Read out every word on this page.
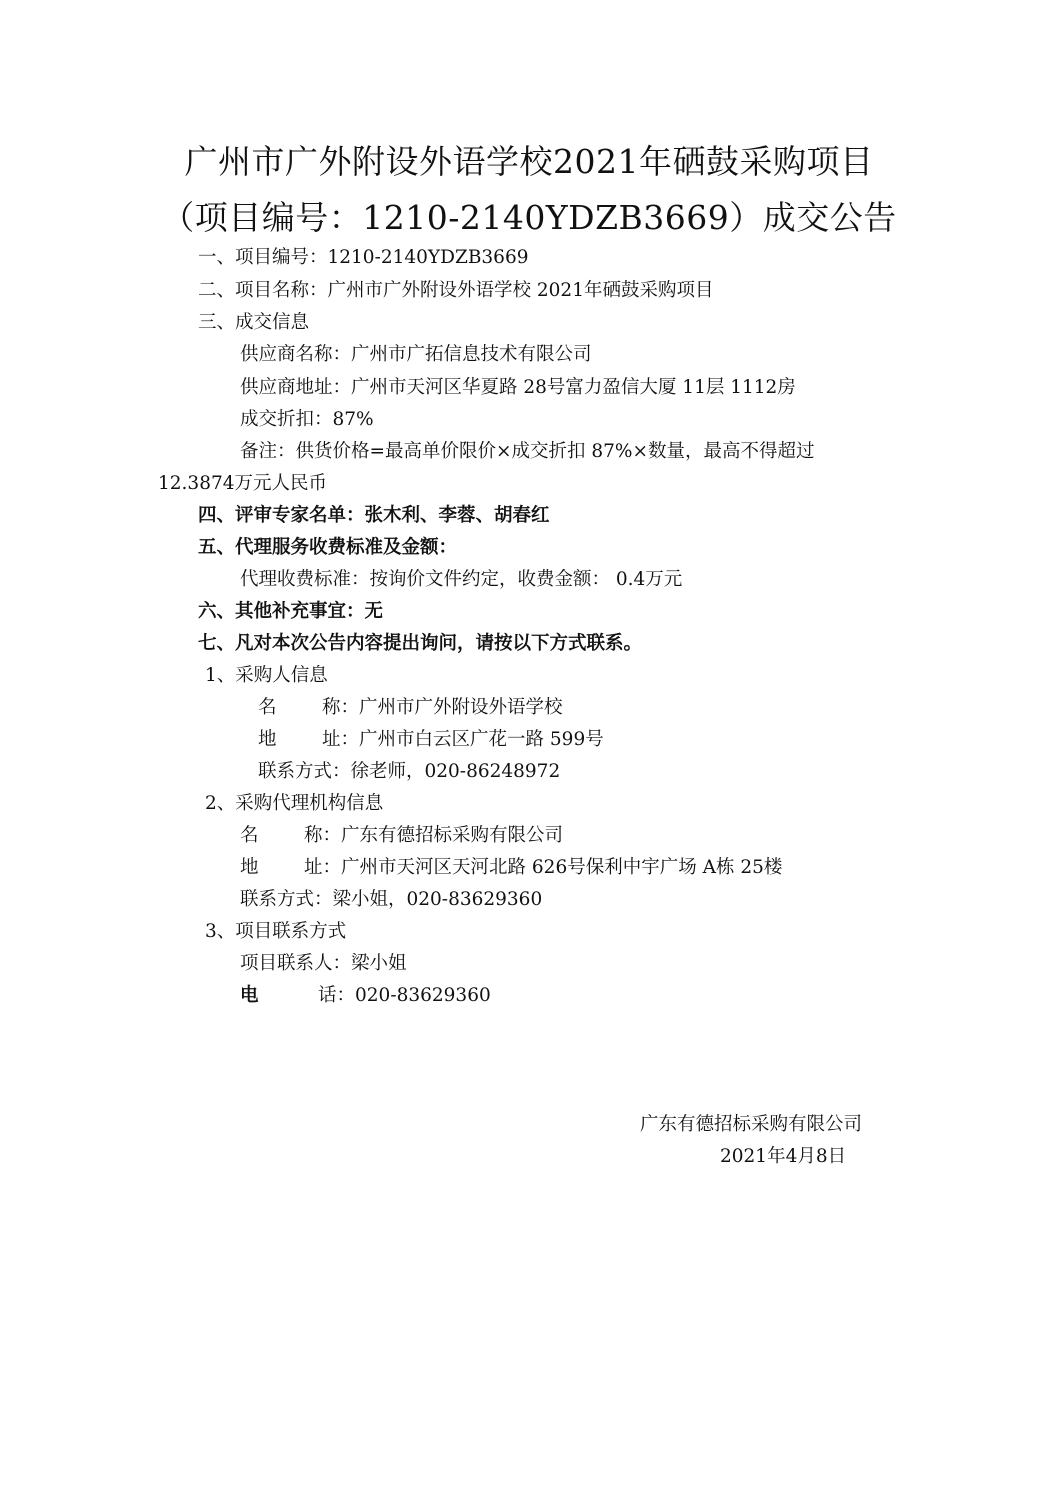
广州市广外附设外语学校2021年硒鼓采购项目
（项目编号：1210-2140YDZB3669）成交公告
一、项目编号：1210-2140YDZB3669
二、项目名称：广州市广外附设外语学校 2021年硒鼓采购项目
三、成交信息
供应商名称：广州市广拓信息技术有限公司
供应商地址：广州市天河区华夏路 28号富力盈信大厦 11层 1112房
成交折扣：87%
备注：供货价格=最高单价限价×成交折扣 87%×数量，最高不得超过
12.3874万元人民币
四、评审专家名单：张木利、李蓉、胡春红
五、代理服务收费标准及金额：
代理收费标准：按询价文件约定，收费金额： 0.4万元
六、其他补充事宜：无
七、凡对本次公告内容提出询问，请按以下方式联系。
1、采购人信息
名 称：广州市广外附设外语学校
地 址：广州市白云区广花一路 599号
联系方式：徐老师，020-86248972
2、采购代理机构信息
名 称：广东有德招标采购有限公司
地 址：广州市天河区天河北路 626号保利中宇广场 A栋 25楼
联系方式：梁小姐，020-83629360
3、项目联系方式
项目联系人：梁小姐
电	话：020-83629360
广东有德招标采购有限公司
2021年4月8日
